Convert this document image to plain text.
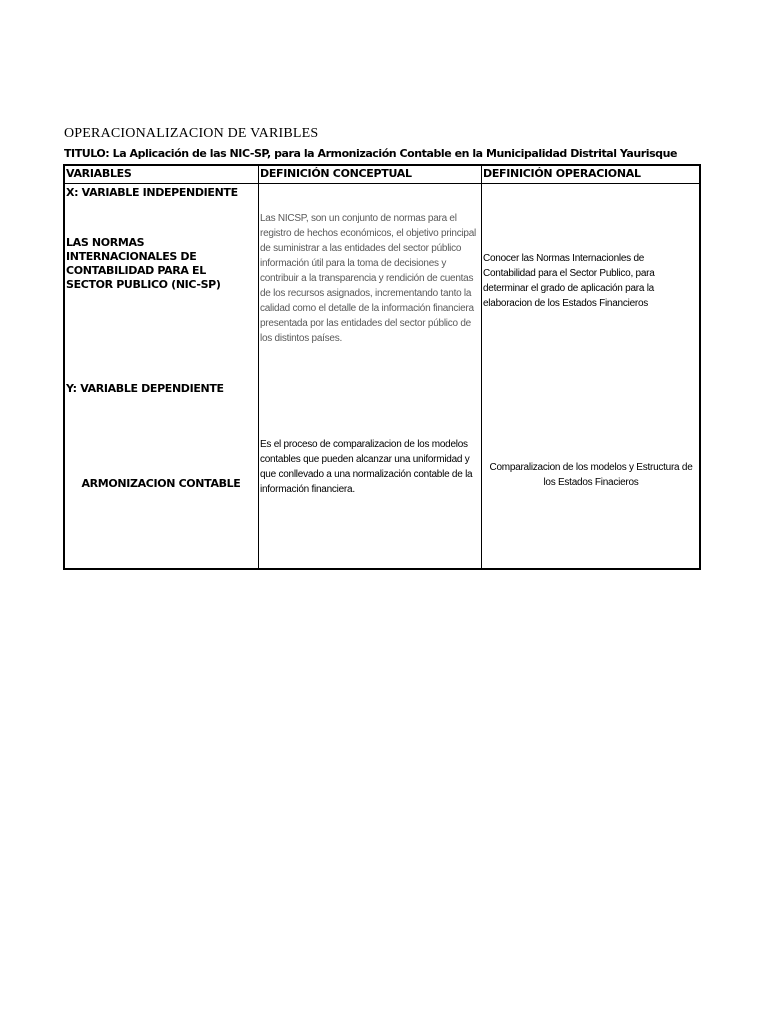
OPERACIONALIZACION DE VARIBLES
TITULO: La Aplicación de las NIC-SP, para la Armonización Contable en la Municipalidad Distrital Yaurisque
VARIABLES	DEFINICIÓN CONCEPTUAL	DEFINICIÓN OPERACIONAL
X: VARIABLE INDEPENDIENTE
LAS NORMAS INTERNACIONALES DE CONTABILIDAD PARA EL SECTOR PUBLICO (NIC-SP)
Las NICSP, son un conjunto de normas para el registro de hechos económicos, el objetivo principal de suministrar a las entidades del sector público información útil para la toma de decisiones y contribuir a la transparencia y rendición de cuentas de los recursos asignados, incrementando tanto la calidad como el detalle de la información financiera presentada por las entidades del sector público de los distintos países.
Conocer las Normas Internacionles de Contabilidad para el Sector Publico, para determinar el grado de aplicación para la elaboracion de los Estados Financieros
Y: VARIABLE DEPENDIENTE
ARMONIZACION CONTABLE
Es el proceso de comparalizacion de los modelos contables que pueden alcanzar una uniformidad y que conllevado a una normalización contable de la información financiera.
Comparalizacion de los modelos y Estructura de los Estados Finacieros
